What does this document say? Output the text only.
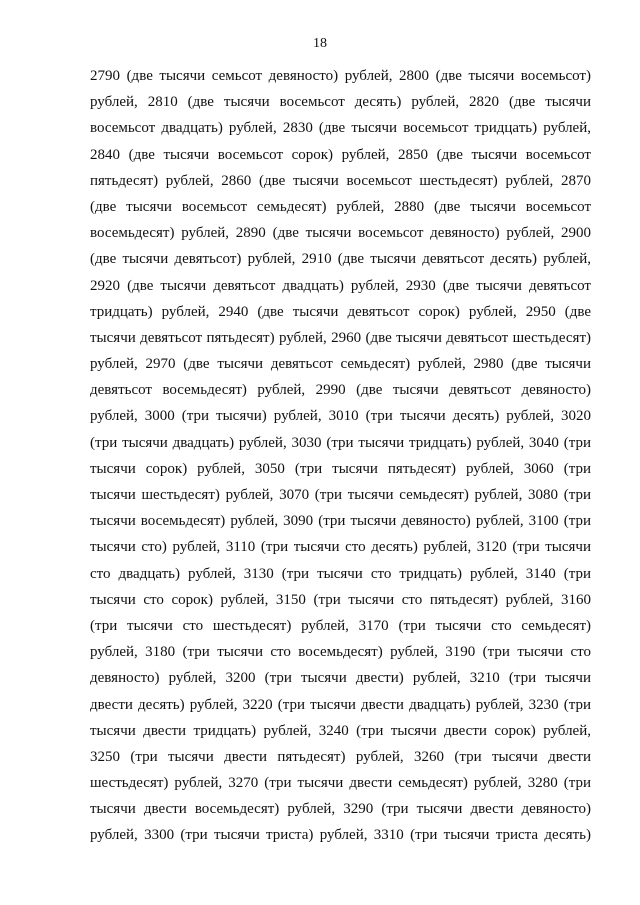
18
2790 (две тысячи семьсот девяносто) рублей, 2800 (две тысячи восемьсот)
рублей, 2810 (две тысячи восемьсот десять) рублей, 2820 (две тысячи
восемьсот двадцать) рублей, 2830 (две тысячи восемьсот тридцать) рублей,
2840 (две тысячи восемьсот сорок) рублей, 2850 (две тысячи восемьсот
пятьдесят) рублей, 2860 (две тысячи восемьсот шестьдесят) рублей, 2870
(две тысячи восемьсот семьдесят) рублей, 2880 (две тысячи восемьсот
восемьдесят) рублей, 2890 (две тысячи восемьсот девяносто) рублей, 2900
(две тысячи девятьсот) рублей, 2910 (две тысячи девятьсот десять) рублей,
2920 (две тысячи девятьсот двадцать) рублей, 2930 (две тысячи девятьсот
тридцать) рублей, 2940 (две тысячи девятьсот сорок) рублей, 2950 (две
тысячи девятьсот пятьдесят) рублей, 2960 (две тысячи девятьсот шестьдесят)
рублей, 2970 (две тысячи девятьсот семьдесят) рублей, 2980 (две тысячи
девятьсот восемьдесят) рублей, 2990 (две тысячи девятьсот девяносто)
рублей, 3000 (три тысячи) рублей, 3010 (три тысячи десять) рублей, 3020
(три тысячи двадцать) рублей, 3030 (три тысячи тридцать) рублей, 3040 (три
тысячи сорок) рублей, 3050 (три тысячи пятьдесят) рублей, 3060 (три
тысячи шестьдесят) рублей, 3070 (три тысячи семьдесят) рублей, 3080 (три
тысячи восемьдесят) рублей, 3090 (три тысячи девяносто) рублей, 3100 (три
тысячи сто) рублей, 3110 (три тысячи сто десять) рублей, 3120 (три тысячи
сто двадцать) рублей, 3130 (три тысячи сто тридцать) рублей, 3140 (три
тысячи сто сорок) рублей, 3150 (три тысячи сто пятьдесят) рублей, 3160
(три тысячи сто шестьдесят) рублей, 3170 (три тысячи сто семьдесят)
рублей, 3180 (три тысячи сто восемьдесят) рублей, 3190 (три тысячи сто
девяносто) рублей, 3200 (три тысячи двести) рублей, 3210 (три тысячи
двести десять) рублей, 3220 (три тысячи двести двадцать) рублей, 3230 (три
тысячи двести тридцать) рублей, 3240 (три тысячи двести сорок) рублей,
3250 (три тысячи двести пятьдесят) рублей, 3260 (три тысячи двести
шестьдесят) рублей, 3270 (три тысячи двести семьдесят) рублей, 3280 (три
тысячи двести восемьдесят) рублей, 3290 (три тысячи двести девяносто)
рублей, 3300 (три тысячи триста) рублей, 3310 (три тысячи триста десять)
